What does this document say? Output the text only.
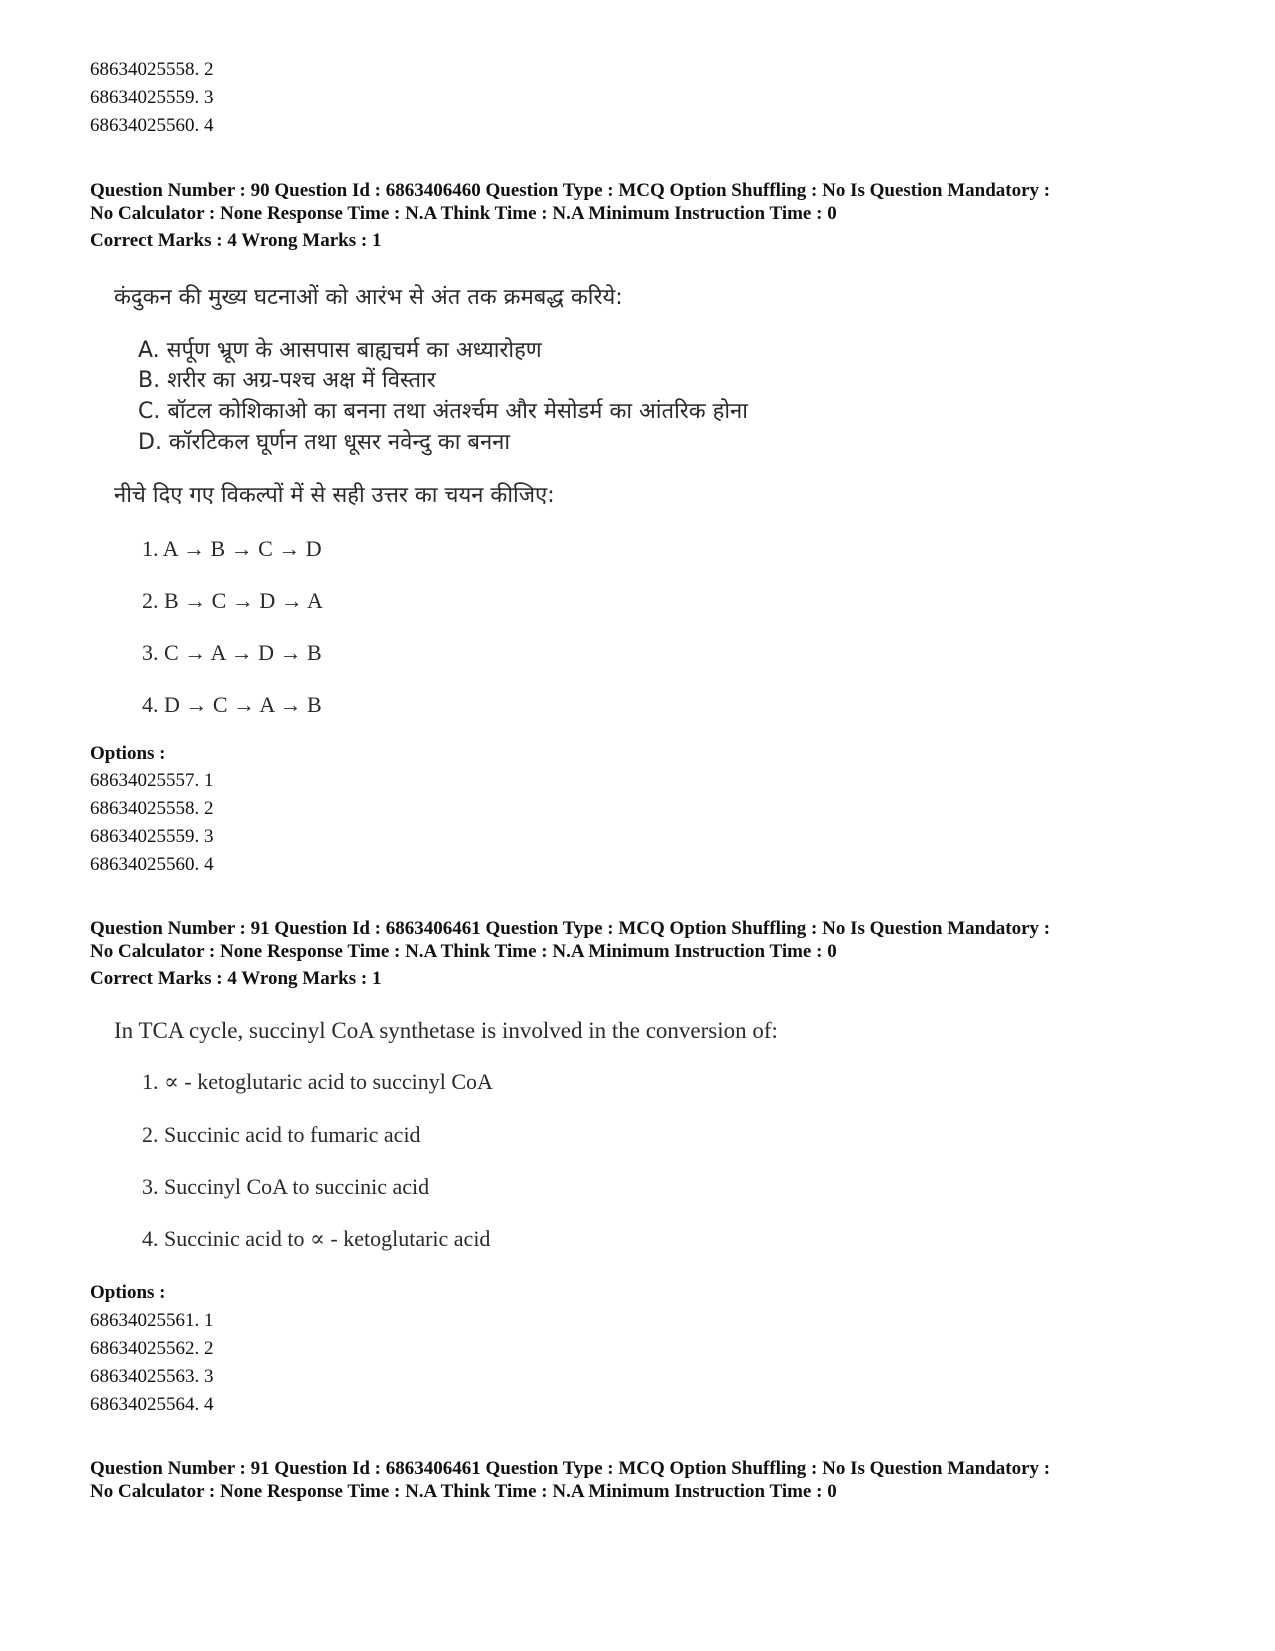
68634025558. 2
68634025559. 3
68634025560. 4
Question Number : 90 Question Id : 6863406460 Question Type : MCQ Option Shuffling : No Is Question Mandatory :
No Calculator : None Response Time : N.A Think Time : N.A Minimum Instruction Time : 0
Correct Marks : 4 Wrong Marks : 1
कंदुकन की मुख्य घटनाओं को आरंभ से अंत तक क्रमबद्ध करिये:
A. सर्पूण भ्रूण के आसपास बाह्यचर्म का अध्यारोहण
B. शरीर का अग्र-पश्च अक्ष में विस्तार
C. बॉटल कोशिकाओ का बनना तथा अंतर्श्चम और मेसोडर्म का आंतरिक होना
D. कॉरटिकल घूर्णन तथा धूसर नवेन्दु का बनना
नीचे दिए गए विकल्पों में से सही उत्तर का चयन कीजिए:
1. A → B → C → D
2. B → C → D → A
3. C → A → D → B
4. D → C → A → B
Options :
68634025557. 1
68634025558. 2
68634025559. 3
68634025560. 4
Question Number : 91 Question Id : 6863406461 Question Type : MCQ Option Shuffling : No Is Question Mandatory :
No Calculator : None Response Time : N.A Think Time : N.A Minimum Instruction Time : 0
Correct Marks : 4 Wrong Marks : 1
In TCA cycle, succinyl CoA synthetase is involved in the conversion of:
1. ∝ - ketoglutaric acid to succinyl CoA
2. Succinic acid to fumaric acid
3. Succinyl CoA to succinic acid
4. Succinic acid to ∝ - ketoglutaric acid
Options :
68634025561. 1
68634025562. 2
68634025563. 3
68634025564. 4
Question Number : 91 Question Id : 6863406461 Question Type : MCQ Option Shuffling : No Is Question Mandatory :
No Calculator : None Response Time : N.A Think Time : N.A Minimum Instruction Time : 0
